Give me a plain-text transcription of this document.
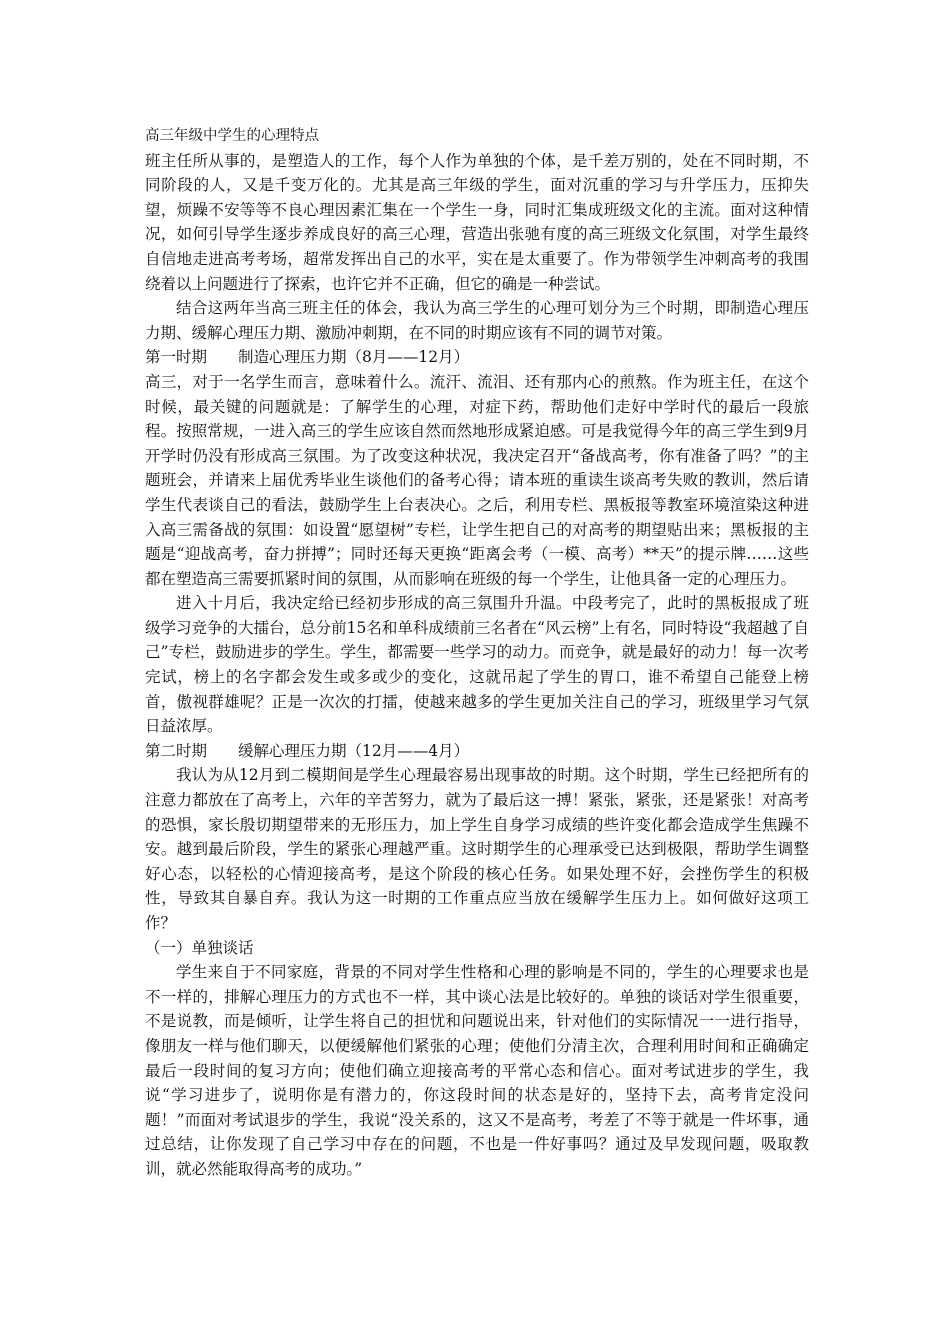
高三年级中学生的心理特点

班主任所从事的，是塑造人的工作，每个人作为单独的个体，是千差万别的，处在不同时期，不同阶段的人，又是千变万化的。尤其是高三年级的学生，面对沉重的学习与升学压力，压抑失望，烦躁不安等等不良心理因素汇集在一个学生一身，同时汇集成班级文化的主流。面对这种情况，如何引导学生逐步养成良好的高三心理，营造出张驰有度的高三班级文化氛围，对学生最终自信地走进高考考场，超常发挥出自己的水平，实在是太重要了。作为带领学生冲刺高考的我围绕着以上问题进行了探索，也许它并不正确，但它的确是一种尝试。

结合这两年当高三班主任的体会，我认为高三学生的心理可划分为三个时期，即制造心理压力期、缓解心理压力期、激励冲刺期，在不同的时期应该有不同的调节对策。

第一时期　　制造心理压力期（8月——12月）

高三，对于一名学生而言，意味着什么。流汗、流泪、还有那内心的煎熬。作为班主任，在这个时候，最关键的问题就是：了解学生的心理，对症下药，帮助他们走好中学时代的最后一段旅程。按照常规，一进入高三的学生应该自然而然地形成紧迫感。可是我觉得今年的高三学生到9月开学时仍没有形成高三氛围。为了改变这种状况，我决定召开“备战高考，你有准备了吗？”的主题班会，并请来上届优秀毕业生谈他们的备考心得；请本班的重读生谈高考失败的教训，然后请学生代表谈自己的看法，鼓励学生上台表决心。之后，利用专栏、黑板报等教室环境渲染这种进入高三需备战的氛围：如设置“愿望树”专栏，让学生把自己的对高考的期望贴出来；黑板报的主题是“迎战高考，奋力拼搏”；同时还每天更换“距离会考（一模、高考）**天”的提示牌……这些都在塑造高三需要抓紧时间的氛围，从而影响在班级的每一个学生，让他具备一定的心理压力。

进入十月后，我决定给已经初步形成的高三氛围升升温。中段考完了，此时的黑板报成了班级学习竞争的大擂台，总分前15名和单科成绩前三名者在“风云榜”上有名，同时特设“我超越了自己”专栏，鼓励进步的学生。学生，都需要一些学习的动力。而竞争，就是最好的动力！每一次考完试，榜上的名字都会发生或多或少的变化，这就吊起了学生的胃口，谁不希望自己能登上榜首，傲视群雄呢？正是一次次的打擂，使越来越多的学生更加关注自己的学习，班级里学习气氛日益浓厚。

第二时期　　缓解心理压力期（12月——4月）

我认为从12月到二模期间是学生心理最容易出现事故的时期。这个时期，学生已经把所有的注意力都放在了高考上，六年的辛苦努力，就为了最后这一搏！紧张，紧张，还是紧张！对高考的恐惧，家长殷切期望带来的无形压力，加上学生自身学习成绩的些许变化都会造成学生焦躁不安。越到最后阶段，学生的紧张心理越严重。这时期学生的心理承受已达到极限，帮助学生调整好心态，以轻松的心情迎接高考，是这个阶段的核心任务。如果处理不好，会挫伤学生的积极性，导致其自暴自弃。我认为这一时期的工作重点应当放在缓解学生压力上。如何做好这项工作？

（一）单独谈话

学生来自于不同家庭，背景的不同对学生性格和心理的影响是不同的，学生的心理要求也是不一样的，排解心理压力的方式也不一样，其中谈心法是比较好的。单独的谈话对学生很重要，不是说教，而是倾听，让学生将自己的担忧和问题说出来，针对他们的实际情况一一进行指导，像朋友一样与他们聊天，以便缓解他们紧张的心理；使他们分清主次，合理利用时间和正确确定最后一段时间的复习方向；使他们确立迎接高考的平常心态和信心。面对考试进步的学生，我说“学习进步了，说明你是有潜力的，你这段时间的状态是好的，坚持下去，高考肯定没问题！”而面对考试退步的学生，我说“没关系的，这又不是高考，考差了不等于就是一件坏事，通过总结，让你发现了自己学习中存在的问题，不也是一件好事吗？通过及早发现问题，吸取教训，就必然能取得高考的成功。”
